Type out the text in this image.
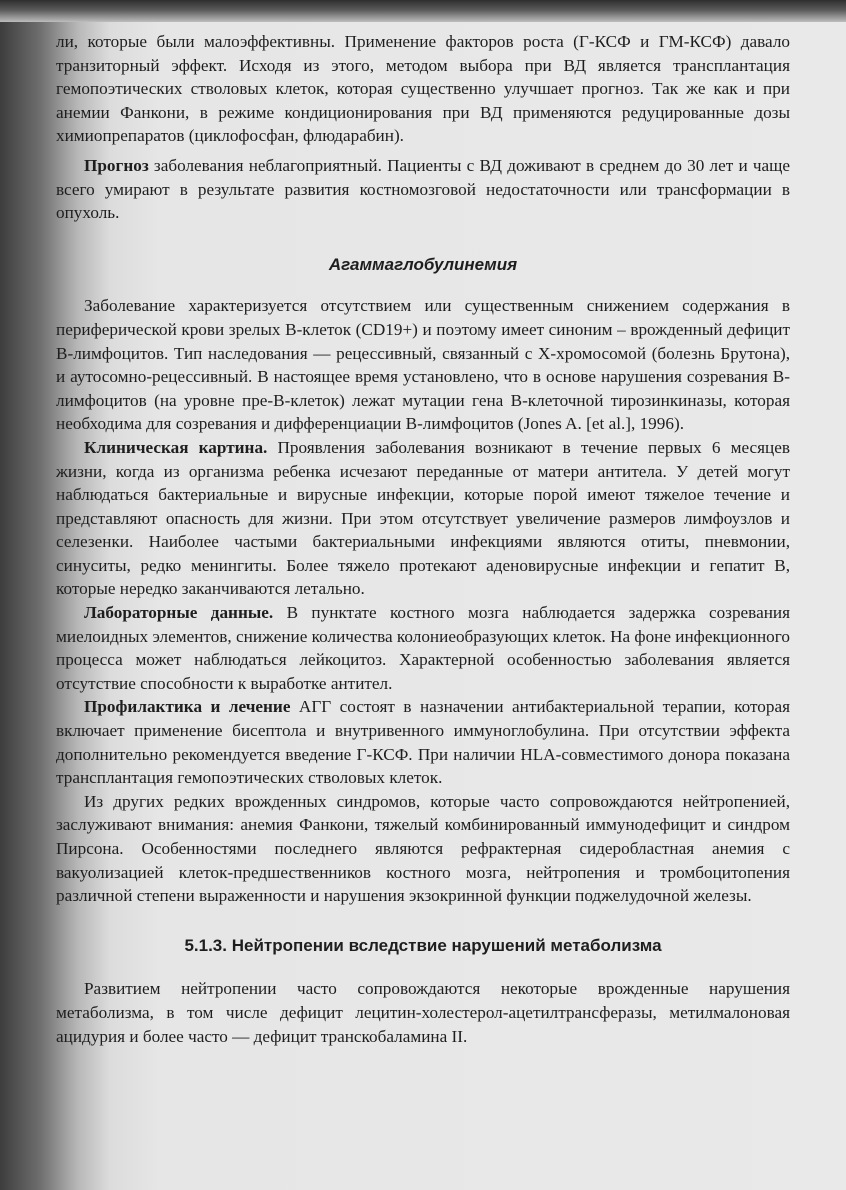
ли, которые были малоэффективны. Применение факторов роста (Г-КСФ и ГМ-КСФ) давало транзиторный эффект. Исходя из этого, методом выбора при ВД является трансплантация гемопоэтических стволовых клеток, которая существенно улучшает прогноз. Так же как и при анемии Фанкони, в режиме кондиционирования при ВД применяются редуцированные дозы химиопрепаратов (циклофосфан, флюдарабин).

Прогноз заболевания неблагоприятный. Пациенты с ВД доживают в среднем до 30 лет и чаще всего умирают в результате развития костномозговой недостаточности или трансформации в опухоль.

Агаммаглобулинемия

Заболевание характеризуется отсутствием или существенным снижением содержания в периферической крови зрелых В-клеток (CD19+) и поэтому имеет синоним – врожденный дефицит В-лимфоцитов. Тип наследования — рецессивный, связанный с Х-хромосомой (болезнь Брутона), и аутосомно-рецессивный. В настоящее время установлено, что в основе нарушения созревания В-лимфоцитов (на уровне пре-В-клеток) лежат мутации гена В-клеточной тирозинкиназы, которая необходима для созревания и дифференциации В-лимфоцитов (Jones A. [et al.], 1996).

Клиническая картина. Проявления заболевания возникают в течение первых 6 месяцев жизни, когда из организма ребенка исчезают переданные от матери антитела. У детей могут наблюдаться бактериальные и вирусные инфекции, которые порой имеют тяжелое течение и представляют опасность для жизни. При этом отсутствует увеличение размеров лимфоузлов и селезенки. Наиболее частыми бактериальными инфекциями являются отиты, пневмонии, синуситы, редко менингиты. Более тяжело протекают аденовирусные инфекции и гепатит В, которые нередко заканчиваются летально.

Лабораторные данные. В пунктате костного мозга наблюдается задержка созревания миелоидных элементов, снижение количества колониеобразующих клеток. На фоне инфекционного процесса может наблюдаться лейкоцитоз. Характерной особенностью заболевания является отсутствие способности к выработке антител.

Профилактика и лечение АГГ состоят в назначении антибактериальной терапии, которая включает применение бисептола и внутривенного иммуноглобулина. При отсутствии эффекта дополнительно рекомендуется введение Г-КСФ. При наличии HLA-совместимого донора показана трансплантация гемопоэтических стволовых клеток.

Из других редких врожденных синдромов, которые часто сопровождаются нейтропенией, заслуживают внимания: анемия Фанкони, тяжелый комбинированный иммунодефицит и синдром Пирсона. Особенностями последнего являются рефрактерная сидеробластная анемия с вакуолизацией клеток-предшественников костного мозга, нейтропения и тромбоцитопения различной степени выраженности и нарушения экзокринной функции поджелудочной железы.

5.1.3. Нейтропении вследствие нарушений метаболизма

Развитием нейтропении часто сопровождаются некоторые врожденные нарушения метаболизма, в том числе дефицит лецитин-холестерол-ацетилтрансферазы, метилмалоновая ацидурия и более часто — дефицит транскобаламина II.
